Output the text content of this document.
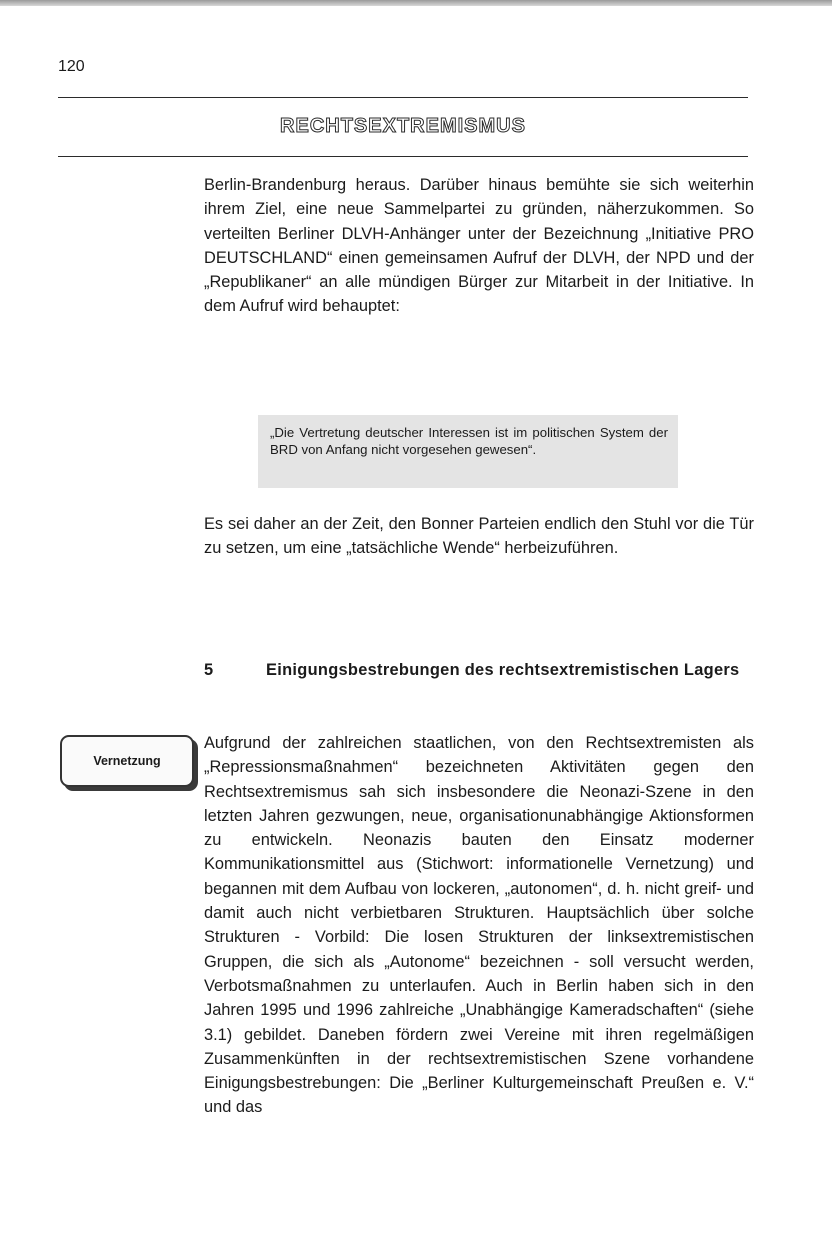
120
RECHTSEXTREMISMUS

Berlin-Brandenburg heraus. Darüber hinaus bemühte sie sich weiterhin ihrem Ziel, eine neue Sammelpartei zu gründen, näherzukommen. So verteilten Berliner DLVH-Anhänger unter der Bezeichnung „Initiative PRO DEUTSCHLAND“ einen gemeinsamen Aufruf der DLVH, der NPD und der „Republikaner“ an alle mündigen Bürger zur Mitarbeit in der Initiative. In dem Aufruf wird behauptet:

„Die Vertretung deutscher Interessen ist im politischen System der BRD von Anfang nicht vorgesehen gewesen“.

Es sei daher an der Zeit, den Bonner Parteien endlich den Stuhl vor die Tür zu setzen, um eine „tatsächliche Wende“ herbeizuführen.

5	Einigungsbestrebungen des rechtsextremistischen Lagers
Vernetzung

Aufgrund der zahlreichen staatlichen, von den Rechtsextremisten als „Repressionsmaßnahmen“ bezeichneten Aktivitäten gegen den Rechtsextremismus sah sich insbesondere die Neonazi-Szene in den letzten Jahren gezwungen, neue, organisationunabhängige Aktionsformen zu entwickeln. Neonazis bauten den Einsatz moderner Kommunikationsmittel aus (Stichwort: informationelle Vernetzung) und begannen mit dem Aufbau von lockeren, „autonomen“, d. h. nicht greif- und damit auch nicht verbietbaren Strukturen. Hauptsächlich über solche Strukturen - Vorbild: Die losen Strukturen der linksextremistischen Gruppen, die sich als „Autonome“ bezeichnen - soll versucht werden, Verbotsmaßnahmen zu unterlaufen. Auch in Berlin haben sich in den Jahren 1995 und 1996 zahlreiche „Unabhängige Kameradschaften“ (siehe 3.1) gebildet. Daneben fördern zwei Vereine mit ihren regelmäßigen Zusammenkünften in der rechtsextremistischen Szene vorhandene Einigungsbestrebungen: Die „Berliner Kulturgemeinschaft Preußen e. V.“ und das
